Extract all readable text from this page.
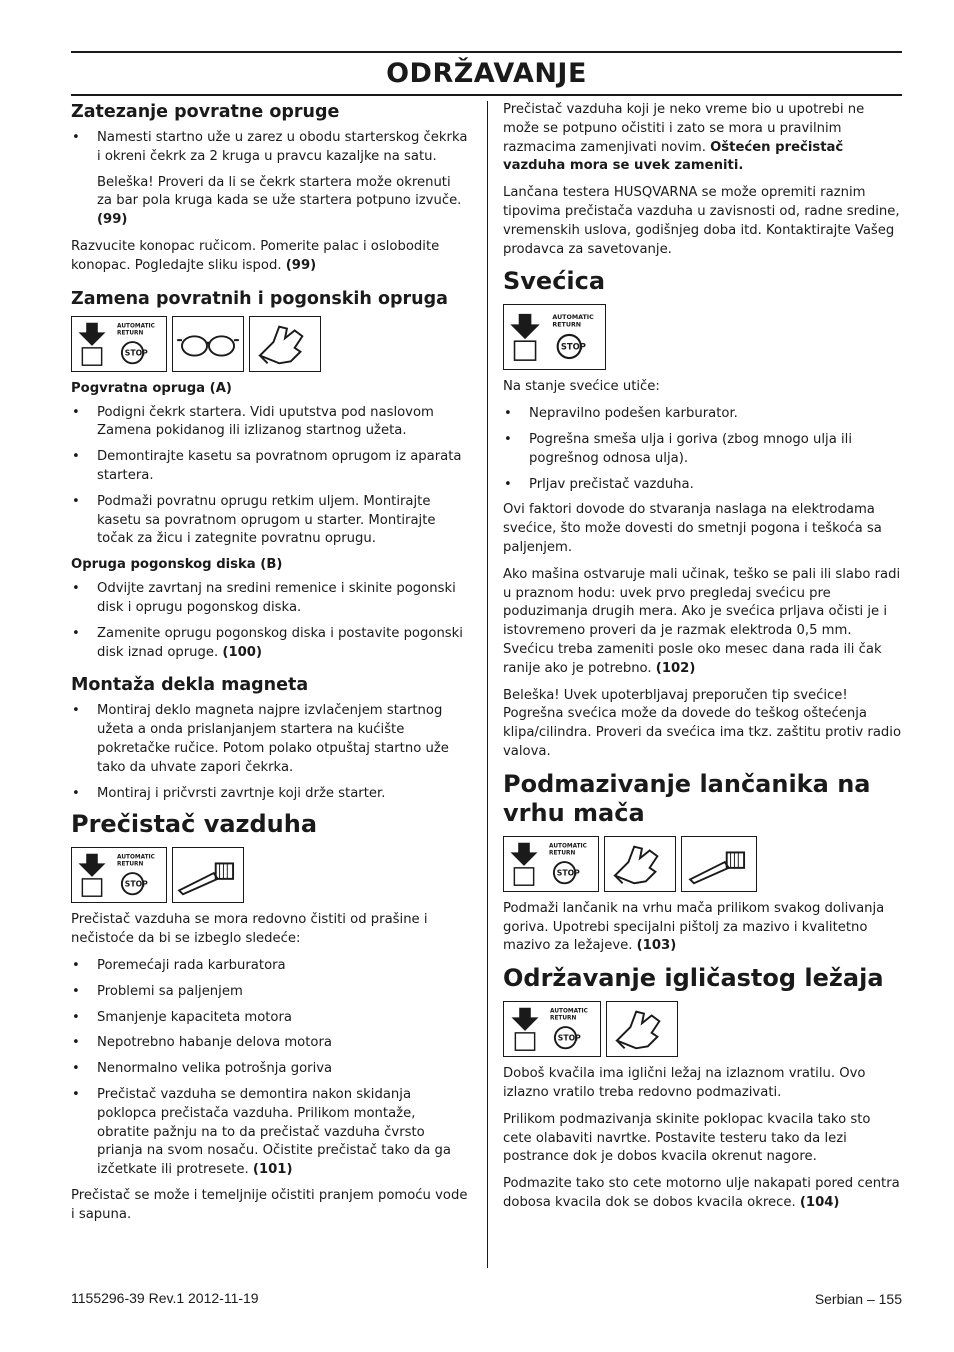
ODRŽAVANJE
Zatezanje povratne opruge
• Namesti startno uže u zarez u obodu starterskog čekrka i okreni čekrk za 2 kruga u pravcu kazaljke na satu.

Beleška! Proveri da li se čekrk startera može okrenuti za bar pola kruga kada se uže startera potpuno izvuče. (99)

Razvucite konopac ručicom. Pomerite palac i oslobodite konopac. Pogledajte sliku ispod. (99)

Zamena povratnih i pogonskih opruga
AUTOMATIC
RETURN
STOP
Pogvratna opruga (A)
• Podigni čekrk startera. Vidi uputstva pod naslovom Zamena pokidanog ili izlizanog startnog užeta.
• Demontirajte kasetu sa povratnom oprugom iz aparata startera.
• Podmaži povratnu oprugu retkim uljem. Montirajte kasetu sa povratnom oprugom u starter. Montirajte točak za žicu i zategnite povratnu oprugu.
Opruga pogonskog diska (B)
• Odvijte zavrtanj na sredini remenice i skinite pogonski disk i oprugu pogonskog diska.
• Zamenite oprugu pogonskog diska i postavite pogonski disk iznad opruge. (100)
Montaža dekla magneta
• Montiraj deklo magneta najpre izvlačenjem startnog užeta a onda prislanjanjem startera na kućište pokretačke ručice. Potom polako otpuštaj startno uže tako da uhvate zapori čekrka.
• Montiraj i pričvrsti zavrtnje koji drže starter.
Prečistač vazduha
AUTOMATIC
RETURN
STOP

Prečistač vazduha se mora redovno čistiti od prašine i nečistoće da bi se izbeglo sledeće:

• Poremećaji rada karburatora
• Problemi sa paljenjem
• Smanjenje kapaciteta motora
• Nepotrebno habanje delova motora
• Nenormalno velika potrošnja goriva
• Prečistač vazduha se demontira nakon skidanja poklopca prečistača vazduha. Prilikom montaže, obratite pažnju na to da prečistač vazduha čvrsto prianja na svom nosaču. Očistite prečistač tako da ga izčetkate ili protresete. (101)

Prečistač se može i temeljnije očistiti pranjem pomoću vode i sapuna.

Prečistač vazduha koji je neko vreme bio u upotrebi ne može se potpuno očistiti i zato se mora u pravilnim razmacima zamenjivati novim. Oštećen prečistač vazduha mora se uvek zameniti.

Lančana testera HUSQVARNA se može opremiti raznim tipovima prečistača vazduha u zavisnosti od, radne sredine, vremenskih uslova, godišnjeg doba itd. Kontaktirajte Vašeg prodavca za savetovanje.

Svećica
AUTOMATIC
RETURN
STOP

Na stanje svećice utiče:

• Nepravilno podešen karburator.
• Pogrešna smeša ulja i goriva (zbog mnogo ulja ili pogrešnog odnosa ulja).
• Prljav prečistač vazduha.

Ovi faktori dovode do stvaranja naslaga na elektrodama svećice, što može dovesti do smetnji pogona i teškoća sa paljenjem.

Ako mašina ostvaruje mali učinak, teško se pali ili slabo radi u praznom hodu: uvek prvo pregledaj svećicu pre poduzimanja drugih mera. Ako je svećica prljava očisti je i istovremeno proveri da je razmak elektroda 0,5 mm. Svećicu treba zameniti posle oko mesec dana rada ili čak ranije ako je potrebno. (102)

Beleška! Uvek upoterbljavaj preporučen tip svećice! Pogrešna svećica može da dovede do teškog oštećenja klipa/cilindra. Proveri da svećica ima tkz. zaštitu protiv radio valova.

Podmazivanje lančanika na vrhu mača
AUTOMATIC
RETURN
STOP

Podmaži lančanik na vrhu mača prilikom svakog dolivanja goriva. Upotrebi specijalni pištolj za mazivo i kvalitetno mazivo za ležajeve. (103)

Održavanje igličastog ležaja
AUTOMATIC
RETURN
STOP

Doboš kvačila ima iglični ležaj na izlaznom vratilu. Ovo izlazno vratilo treba redovno podmazivati.

Prilikom podmazivanja skinite poklopac kvacila tako sto cete olabaviti navrtke. Postavite testeru tako da lezi postrance dok je dobos kvacila okrenut nagore.

Podmazite tako sto cete motorno ulje nakapati pored centra dobosa kvacila dok se dobos kvacila okrece. (104)

1155296-39 Rev.1 2012-11-19	Serbian – 155
